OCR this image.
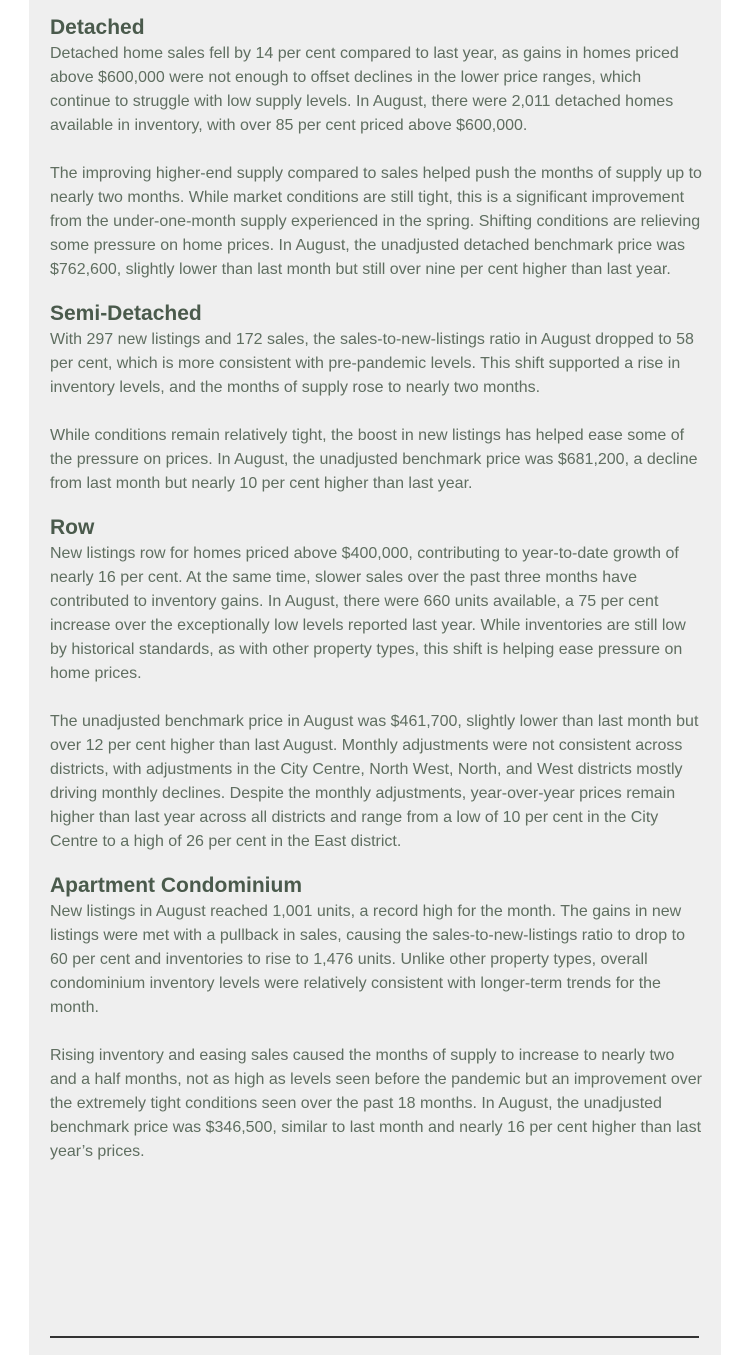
Detached

Detached home sales fell by 14 per cent compared to last year, as gains in homes priced above $600,000 were not enough to offset declines in the lower price ranges, which continue to struggle with low supply levels. In August, there were 2,011 detached homes available in inventory, with over 85 per cent priced above $600,000.

The improving higher-end supply compared to sales helped push the months of supply up to nearly two months. While market conditions are still tight, this is a significant improvement from the under-one-month supply experienced in the spring. Shifting conditions are relieving some pressure on home prices. In August, the unadjusted detached benchmark price was $762,600, slightly lower than last month but still over nine per cent higher than last year.

Semi-Detached

With 297 new listings and 172 sales, the sales-to-new-listings ratio in August dropped to 58 per cent, which is more consistent with pre-pandemic levels. This shift supported a rise in inventory levels, and the months of supply rose to nearly two months.

While conditions remain relatively tight, the boost in new listings has helped ease some of the pressure on prices. In August, the unadjusted benchmark price was $681,200, a decline from last month but nearly 10 per cent higher than last year.

Row

New listings row for homes priced above $400,000, contributing to year-to-date growth of nearly 16 per cent. At the same time, slower sales over the past three months have contributed to inventory gains. In August, there were 660 units available, a 75 per cent increase over the exceptionally low levels reported last year. While inventories are still low by historical standards, as with other property types, this shift is helping ease pressure on home prices.

The unadjusted benchmark price in August was $461,700, slightly lower than last month but over 12 per cent higher than last August. Monthly adjustments were not consistent across districts, with adjustments in the City Centre, North West, North, and West districts mostly driving monthly declines. Despite the monthly adjustments, year-over-year prices remain higher than last year across all districts and range from a low of 10 per cent in the City Centre to a high of 26 per cent in the East district.

Apartment Condominium

New listings in August reached 1,001 units, a record high for the month. The gains in new listings were met with a pullback in sales, causing the sales-to-new-listings ratio to drop to 60 per cent and inventories to rise to 1,476 units. Unlike other property types, overall condominium inventory levels were relatively consistent with longer-term trends for the month.

Rising inventory and easing sales caused the months of supply to increase to nearly two and a half months, not as high as levels seen before the pandemic but an improvement over the extremely tight conditions seen over the past 18 months. In August, the unadjusted benchmark price was $346,500, similar to last month and nearly 16 per cent higher than last year’s prices.
